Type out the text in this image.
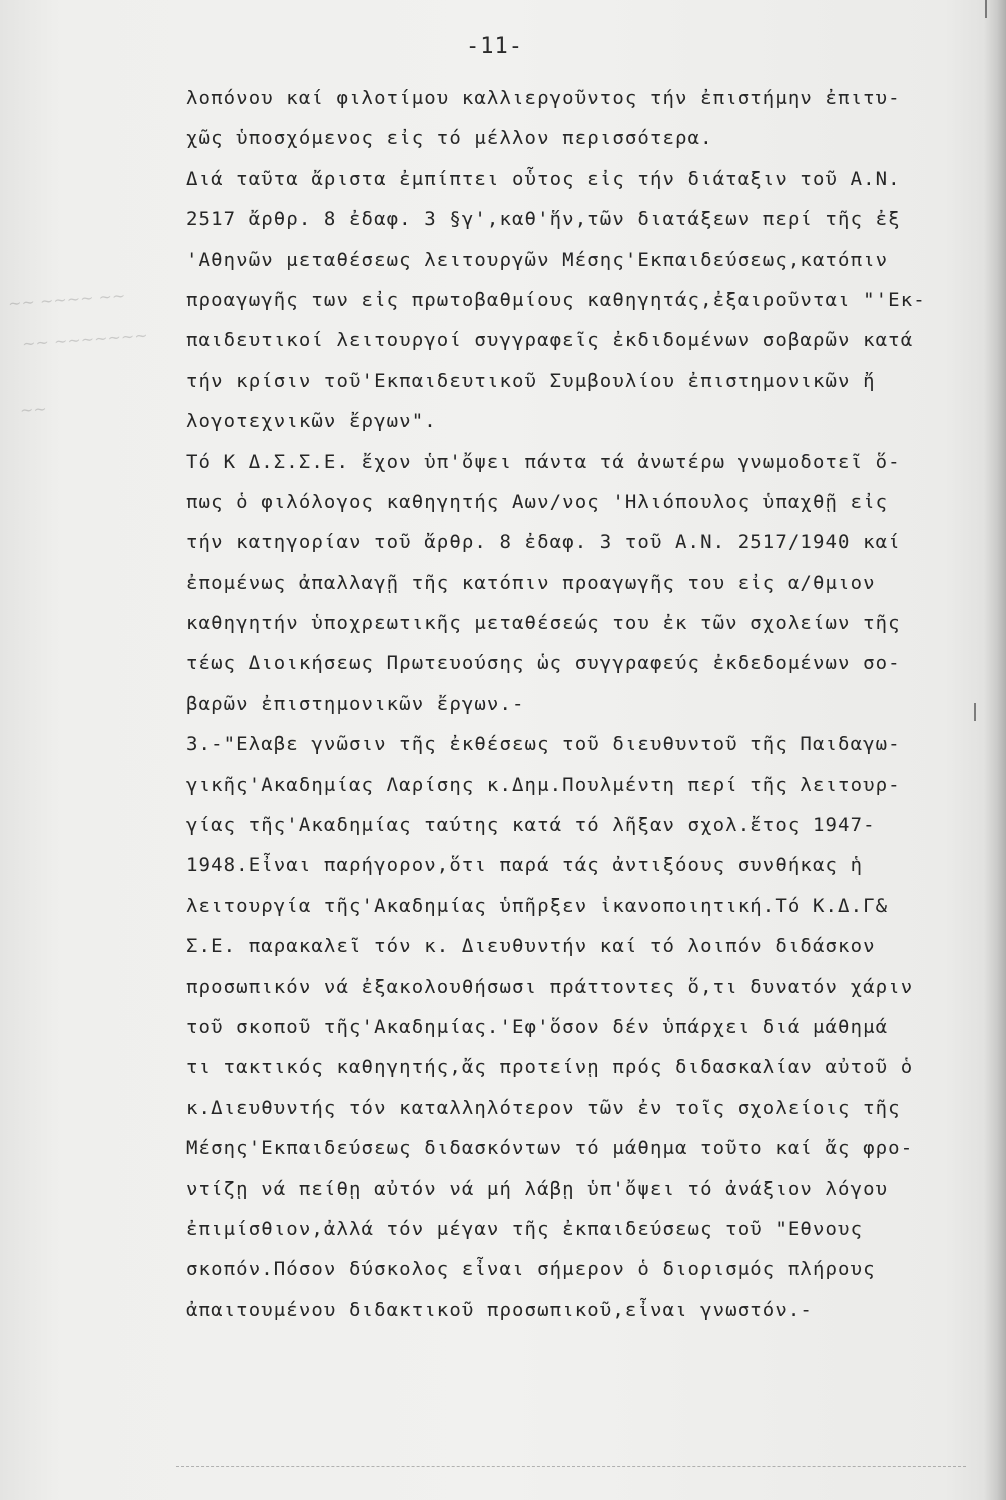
~~ ~~~~ ~~
~~ ~~~~~~~
~~
-11-
λοπόνου καί φιλοτίμου καλλιεργοῦντος τήν ἐπιστήμην ἐπιτυ-
χῶς ὑποσχόμενος εἰς τό μέλλον περισσότερα.
Διά ταῦτα ἄριστα ἐμπίπτει οὗτος εἰς τήν διάταξιν τοῦ Α.Ν.
2517 ἄρθρ. 8 ἐδαφ. 3 §γ',καθ'ἥν,τῶν διατάξεων περί τῆς ἐξ
'Αθηνῶν μεταθέσεως λειτουργῶν Μέσης'Εκπαιδεύσεως,κατόπιν
προαγωγῆς των εἰς πρωτοβαθμίους καθηγητάς,ἐξαιροῦνται "'Εκ-
παιδευτικοί λειτουργοί συγγραφεῖς ἐκδιδομένων σοβαρῶν κατά
τήν κρίσιν τοῦ'Εκπαιδευτικοῦ Συμβουλίου ἐπιστημονικῶν ἤ
λογοτεχνικῶν ἔργων".
Τό Κ Δ.Σ.Σ.Ε. ἔχον ὑπ'ὄψει πάντα τά ἀνωτέρω γνωμοδοτεῖ ὅ-
πως ὁ φιλόλογος καθηγητής Αων/νος 'Ηλιόπουλος ὑπαχθῇ εἰς
τήν κατηγορίαν τοῦ ἄρθρ. 8 ἐδαφ. 3 τοῦ Α.Ν. 2517/1940 καί
ἐπομένως ἀπαλλαγῇ τῆς κατόπιν προαγωγῆς του εἰς α/θμιον
καθηγητήν ὑποχρεωτικῆς μεταθέσεώς του ἐκ τῶν σχολείων τῆς
τέως Διοικήσεως Πρωτευούσης ὡς συγγραφεύς ἐκδεδομένων σο-
βαρῶν ἐπιστημονικῶν ἔργων.-
3.-"Ελαβε γνῶσιν τῆς ἐκθέσεως τοῦ διευθυντοῦ τῆς Παιδαγω-
γικῆς'Ακαδημίας Λαρίσης κ.Δημ.Πουλμέντη περί τῆς λειτουρ-
γίας τῆς'Ακαδημίας ταύτης κατά τό λῆξαν σχολ.ἔτος 1947-
1948.Εἶναι παρήγορον,ὅτι παρά τάς ἀντιξόους συνθήκας ἡ
λειτουργία τῆς'Ακαδημίας ὑπῆρξεν ἱκανοποιητική.Τό Κ.Δ.Γ&
Σ.Ε. παρακαλεῖ τόν κ. Διευθυντήν καί τό λοιπόν διδάσκον
προσωπικόν νά ἐξακολουθήσωσι πράττοντες ὅ,τι δυνατόν χάριν
τοῦ σκοποῦ τῆς'Ακαδημίας.'Εφ'ὅσον δέν ὑπάρχει διά μάθημά
τι τακτικός καθηγητής,ἄς προτείνῃ πρός διδασκαλίαν αὐτοῦ ὁ
κ.Διευθυντής τόν καταλληλότερον τῶν ἐν τοῖς σχολείοις τῆς
Μέσης'Εκπαιδεύσεως διδασκόντων τό μάθημα τοῦτο καί ἄς φρο-
ντίζῃ νά πείθῃ αὐτόν νά μή λάβῃ ὑπ'ὄψει τό ἀνάξιον λόγου
ἐπιμίσθιον,ἀλλά τόν μέγαν τῆς ἐκπαιδεύσεως τοῦ "Εθνους
σκοπόν.Πόσον δύσκολος εἶναι σήμερον ὁ διορισμός πλήρους
ἀπαιτουμένου διδακτικοῦ προσωπικοῦ,εἶναι γνωστόν.-
